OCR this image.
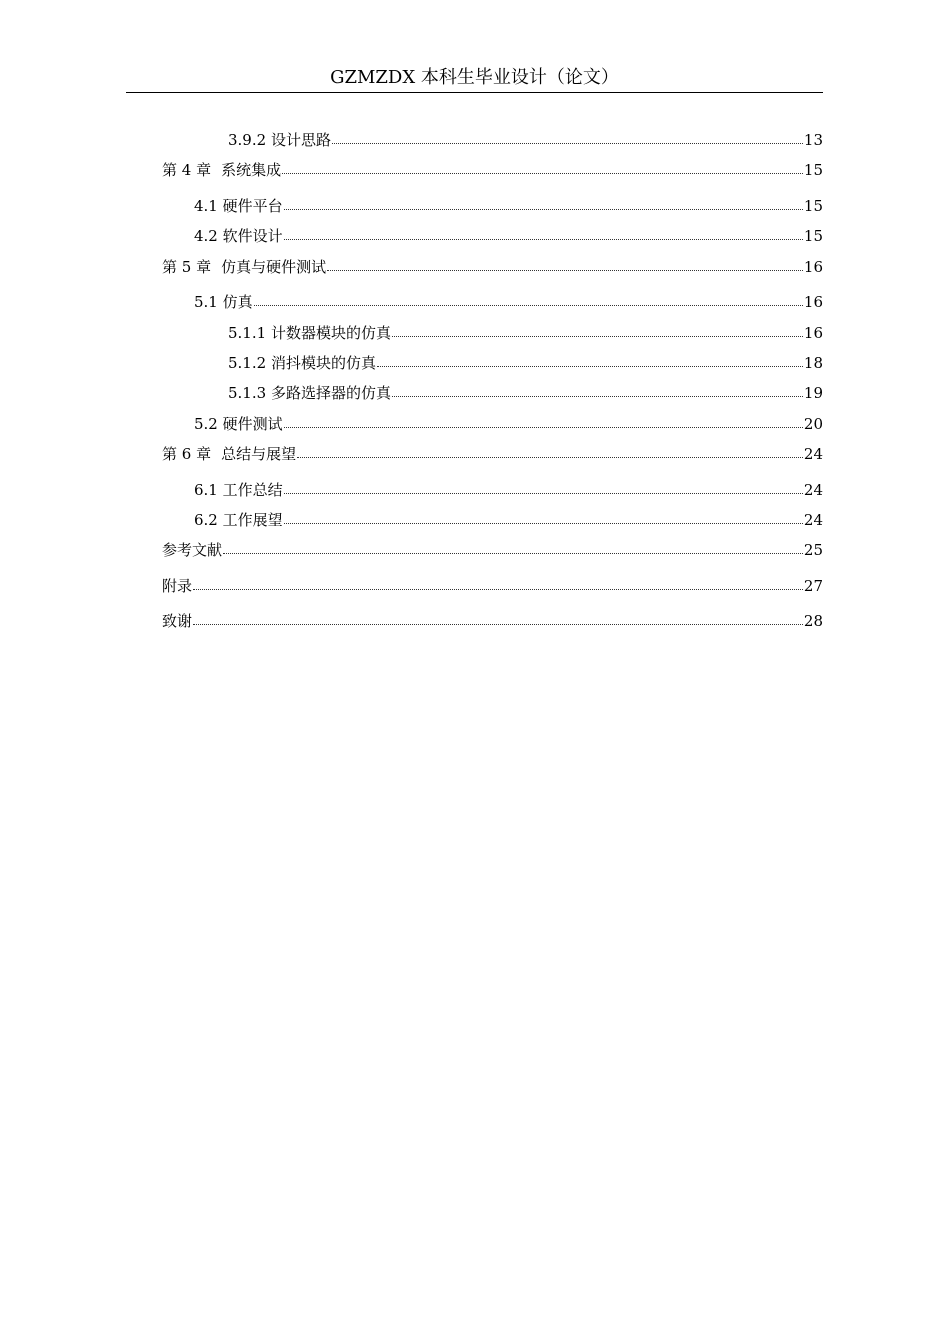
GZMZDX 本科生毕业设计（论文）
3.9.2 设计思路	13
第 4 章 系统集成	15
4.1 硬件平台	15
4.2 软件设计	15
第 5 章 仿真与硬件测试	16
5.1 仿真	16
5.1.1 计数器模块的仿真	16
5.1.2 消抖模块的仿真	18
5.1.3 多路选择器的仿真	19
5.2 硬件测试	20
第 6 章 总结与展望	24
6.1 工作总结	24
6.2 工作展望	24
参考文献	25
附录	27
致谢	28
